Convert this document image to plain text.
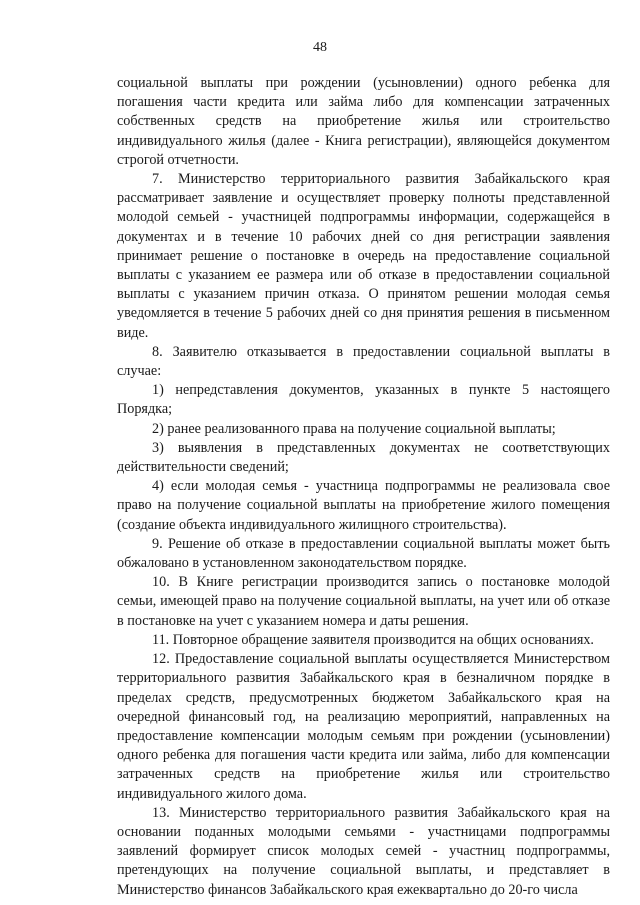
48

социальной выплаты при рождении (усыновлении) одного ребенка для погашения части кредита или займа либо для компенсации затраченных собственных средств на приобретение жилья или строительство индивидуального жилья (далее - Книга регистрации), являющейся документом строгой отчетности.

7. Министерство территориального развития Забайкальского края рассматривает заявление и осуществляет проверку полноты представленной молодой семьей - участницей подпрограммы информации, содержащейся в документах и в течение 10 рабочих дней со дня регистрации заявления принимает решение о постановке в очередь на предоставление социальной выплаты с указанием ее размера или об отказе в предоставлении социальной выплаты с указанием причин отказа. О принятом решении молодая семья уведомляется в течение 5 рабочих дней со дня принятия решения в письменном виде.

8. Заявителю отказывается в предоставлении социальной выплаты в случае:

1) непредставления документов, указанных в пункте 5 настоящего Порядка;

2) ранее реализованного права на получение социальной выплаты;

3) выявления в представленных документах не соответствующих действительности сведений;

4) если молодая семья - участница подпрограммы не реализовала свое право на получение социальной выплаты на приобретение жилого помещения (создание объекта индивидуального жилищного строительства).

9. Решение об отказе в предоставлении социальной выплаты может быть обжаловано в установленном законодательством порядке.

10. В Книге регистрации производится запись о постановке молодой семьи, имеющей право на получение социальной выплаты, на учет или об отказе в постановке на учет с указанием номера и даты решения.

11. Повторное обращение заявителя производится на общих основаниях.

12. Предоставление социальной выплаты осуществляется Министерством территориального развития Забайкальского края в безналичном порядке в пределах средств, предусмотренных бюджетом Забайкальского края на очередной финансовый год, на реализацию мероприятий, направленных на предоставление компенсации молодым семьям при рождении (усыновлении) одного ребенка для погашения части кредита или займа, либо для компенсации затраченных средств на приобретение жилья или строительство индивидуального жилого дома.

13. Министерство территориального развития Забайкальского края на основании поданных молодыми семьями - участницами подпрограммы заявлений формирует список молодых семей - участниц подпрограммы, претендующих на получение социальной выплаты, и представляет в Министерство финансов Забайкальского края ежеквартально до 20-го числа
